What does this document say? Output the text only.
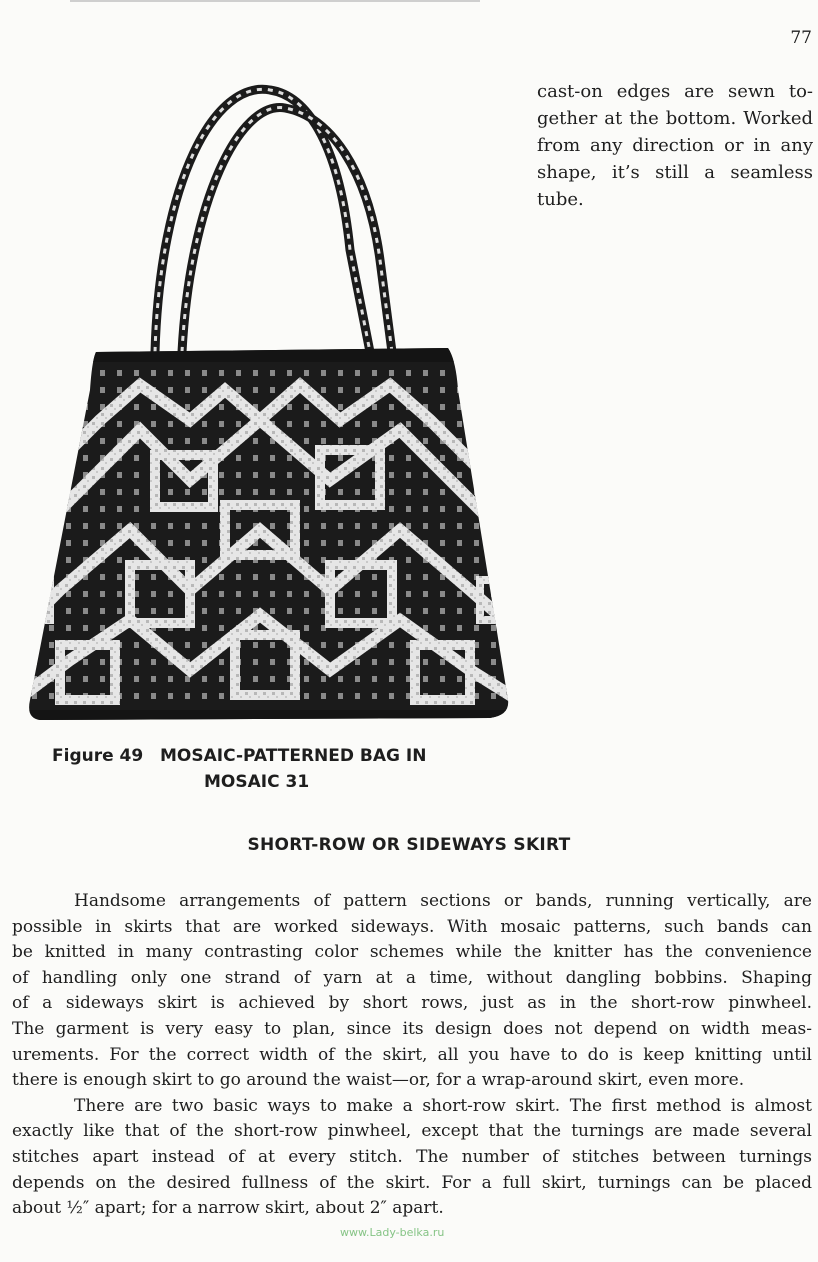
77
cast-on edges are sewn to-
gether at the bottom. Worked
from any direction or in any
shape, it’s still a seamless
tube.
Figure 49 MOSAIC-PATTERNED BAG IN
MOSAIC 31
SHORT-ROW OR SIDEWAYS SKIRT
Handsome arrangements of pattern sections or bands, running vertically, are
possible in skirts that are worked sideways. With mosaic patterns, such bands can
be knitted in many contrasting color schemes while the knitter has the convenience
of handling only one strand of yarn at a time, without dangling bobbins. Shaping
of a sideways skirt is achieved by short rows, just as in the short-row pinwheel.
The garment is very easy to plan, since its design does not depend on width meas-
urements. For the correct width of the skirt, all you have to do is keep knitting until
there is enough skirt to go around the waist—or, for a wrap-around skirt, even more.
There are two basic ways to make a short-row skirt. The first method is almost
exactly like that of the short-row pinwheel, except that the turnings are made several
stitches apart instead of at every stitch. The number of stitches between turnings
depends on the desired fullness of the skirt. For a full skirt, turnings can be placed
about ½″ apart; for a narrow skirt, about 2″ apart.
www.Lady-belka.ru
